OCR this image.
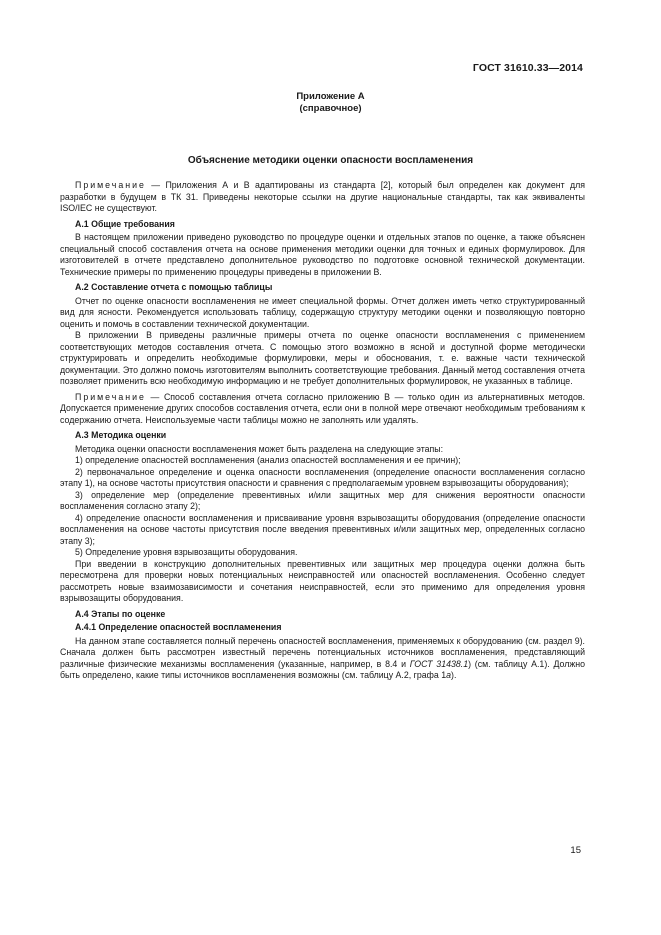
ГОСТ 31610.33—2014
Приложение А
(справочное)
Объяснение методики оценки опасности воспламенения

Примечание — Приложения А и В адаптированы из стандарта [2], который был определен как документ для разработки в будущем в ТК 31. Приведены некоторые ссылки на другие национальные стандарты, так как эквиваленты ISO/IEC не существуют.

А.1 Общие требования

В настоящем приложении приведено руководство по процедуре оценки и отдельных этапов по оценке, а также объяснен специальный способ составления отчета на основе применения методики оценки для точных и единых формулировок. Для изготовителей в отчете представлено дополнительное руководство по подготовке основной технической документации. Технические примеры по применению процедуры приведены в приложении В.

А.2 Составление отчета с помощью таблицы

Отчет по оценке опасности воспламенения не имеет специальной формы. Отчет должен иметь четко структурированный вид для ясности. Рекомендуется использовать таблицу, содержащую структуру методики оценки и позволяющую повторно оценить и помочь в составлении технической документации.

В приложении В приведены различные примеры отчета по оценке опасности воспламенения с применением соответствующих методов составления отчета. С помощью этого возможно в ясной и доступной форме методически структурировать и определить необходимые формулировки, меры и обоснования, т. е. важные части технической документации. Это должно помочь изготовителям выполнить соответствующие требования. Данный метод составления отчета позволяет применить всю необходимую информацию и не требует дополнительных формулировок, не указанных в таблице.

Примечание — Способ составления отчета согласно приложению В — только один из альтернативных методов. Допускается применение других способов составления отчета, если они в полной мере отвечают необходимым требованиям к содержанию отчета. Неиспользуемые части таблицы можно не заполнять или удалять.

А.3 Методика оценки

Методика оценки опасности воспламенения может быть разделена на следующие этапы:

1) определение опасностей воспламенения (анализ опасностей воспламенения и ее причин);

2) первоначальное определение и оценка опасности воспламенения (определение опасности воспламенения согласно этапу 1), на основе частоты присутствия опасности и сравнения с предполагаемым уровнем взрывозащиты оборудования);

3) определение мер (определение превентивных и/или защитных мер для снижения вероятности опасности воспламенения согласно этапу 2);

4) определение опасности воспламенения и присваивание уровня взрывозащиты оборудования (определение опасности воспламенения на основе частоты присутствия после введения превентивных и/или защитных мер, определенных согласно этапу 3);

5) Определение уровня взрывозащиты оборудования.

При введении в конструкцию дополнительных превентивных или защитных мер процедура оценки должна быть пересмотрена для проверки новых потенциальных неисправностей или опасностей воспламенения. Особенно следует рассмотреть новые взаимозависимости и сочетания неисправностей, если это применимо для определения уровня взрывозащиты оборудования.

А.4 Этапы по оценке
А.4.1 Определение опасностей воспламенения

На данном этапе составляется полный перечень опасностей воспламенения, применяемых к оборудованию (см. раздел 9). Сначала должен быть рассмотрен известный перечень потенциальных источников воспламенения, представляющий различные физические механизмы воспламенения (указанные, например, в 8.4 и ГОСТ 31438.1) (см. таблицу А.1). Должно быть определено, какие типы источников воспламенения возможны (см. таблицу А.2, графа 1а).

15
